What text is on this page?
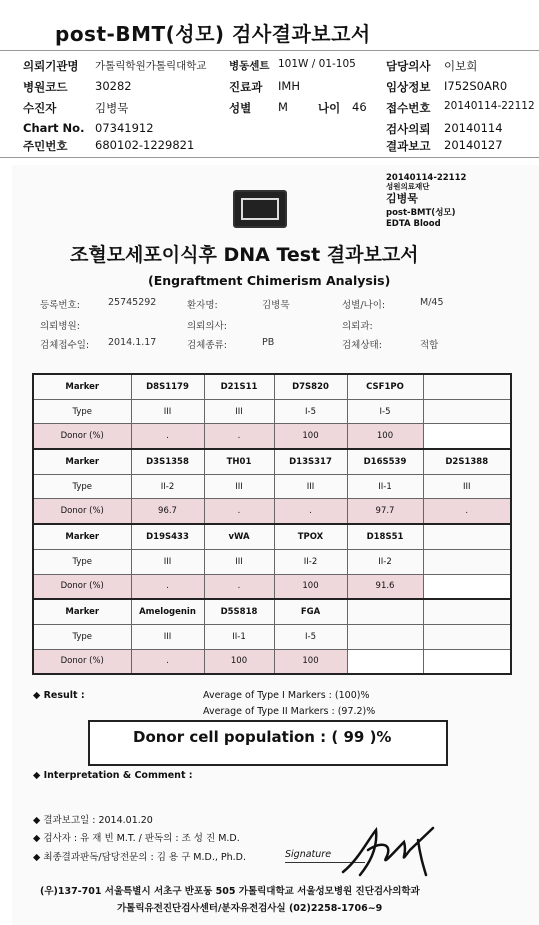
post-BMT(성모) 검사결과보고서
의뢰기관명 가톨릭학원가톨릭대학교 병동센트 101W / 01-105	담당의사 이보희
병원코드 30282	진료과 IMH	임상정보 I752S0AR0
수진자	김병묵	성별 M	나이 46 접수번호 20140114-22112
Chart No. 07341912	검사의뢰 20140114
주민번호 680102-1229821	결과보고 20140127
20140114-22112
성원의료재단
김병묵
post-BMT(성모)
EDTA Blood
조혈모세포이식후 DNA Test 결과보고서
(Engraftment Chimerism Analysis)
등록번호:	25745292	환자명:	김병묵	성별/나이:	M/45
의뢰병원:	의뢰의사:	의뢰과:
검체접수일: 2014.1.17	검체종류:	PB	검체상태:	적합
Marker	D8S1179	D21S11	D7S820	CSF1PO	
Type	III	III	I-5	I-5	
Donor (%)	.	.	100	100	
Marker	D3S1358	TH01	D13S317	D16S539	D2S1388
Type	II-2	III	III	II-1	III
Donor (%)	96.7	.	.	97.7	.
Marker	D19S433	vWA	TPOX	D18S51	
Type	III	III	II-2	II-2	
Donor (%)	.	.	100	91.6	
Marker	Amelogenin	D5S818	FGA		
Type	III	II-1	I-5		
Donor (%)	.	100	100		
◆ Result :	Average of Type I Markers : (100)%
Average of Type II Markers : (97.2)%
Donor cell population : ( 99 )%
◆ Interpretation & Comment :
◆ 결과보고일 : 2014.01.20
◆ 검사자 : 유 재 빈 M.T. / 판독의 : 조 성 진 M.D.
◆ 최종결과판독/담당전문의 : 김 용 구 M.D., Ph.D.	Signature
(우)137-701 서울특별시 서초구 반포동 505 가톨릭대학교 서울성모병원 진단검사의학과
가톨릭유전진단검사센터/분자유전검사실 (02)2258-1706~9
